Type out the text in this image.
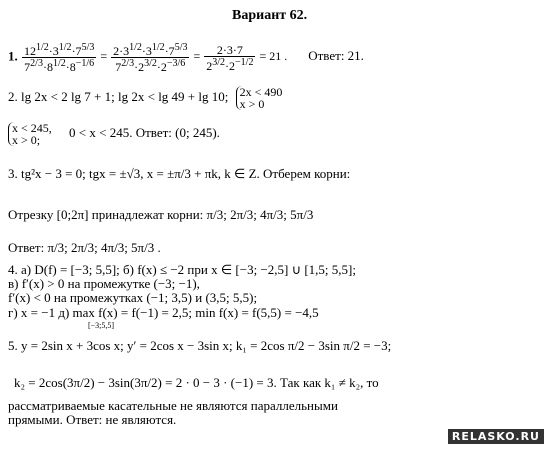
Вариант 62.
1. $\frac{12^{1/2}\cdot 3^{1/2}\cdot 7^{5/3}}{7^{2/3}\cdot 8^{1/2}\cdot 8^{-1/6}} = \frac{2\cdot 3^{1/2}\cdot 3^{1/2}\cdot 7^{5/3}}{7^{2/3}\cdot 2^{3/2}\cdot 2^{-3/6}} = \frac{2\cdot 3\cdot 7}{2^{3/2}\cdot 2^{-1/2}} = 21$ . Ответ: 21.
2. lg 2x < 2 lg 7 + 1; lg 2x < lg 49 + lg 10; 2x < 490
x > 0
x < 245,
x > 0;
0 < x < 245. Ответ: (0; 245).
3. tg²x − 3 = 0; tgx = ±√3, x = ±π/3 + πk, k ∈ Z. Отберем корни:
Отрезку [0;2π] принадлежат корни: π/3; 2π/3; 4π/3; 5π/3
Ответ: π/3; 2π/3; 4π/3; 5π/3 .
4. а) D(f) = [−3; 5,5]; б) f(x) ≤ −2 при x ∈ [−3; −2,5] ∪ [1,5; 5,5];
в) f′(x) > 0 на промежутке (−3; −1),
f′(x) < 0 на промежутках (−1; 3,5) и (3,5; 5,5);
г) x = −1 д) max f(x) = f(−1) = 2,5; min f(x) = f(5,5) = −4,5
[−3;5,5]
5. y = 2sin x + 3cos x; y′ = 2cos x − 3sin x; k₁ = 2cos π/2 − 3sin π/2 = −3;
k₂ = 2cos(3π/2) − 3sin(3π/2) = 2 · 0 − 3 · (−1) = 3. Так как k₁ ≠ k₂, то
рассматриваемые касательные не являются параллельными
прямыми. Ответ: не являются.
RELASKO.RU
